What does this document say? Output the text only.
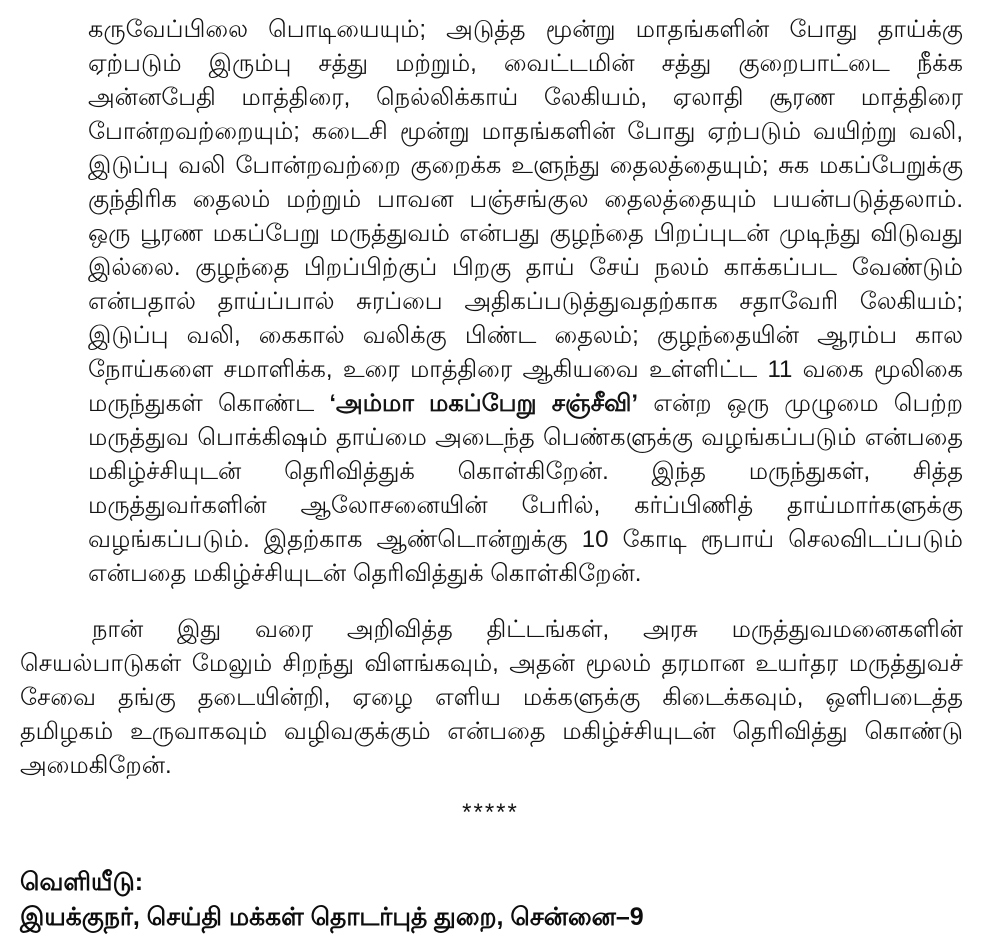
கருவேப்பிலை பொடியையும்; அடுத்த மூன்று மாதங்களின் போது தாய்க்கு
ஏற்படும் இரும்பு சத்து மற்றும், வைட்டமின் சத்து குறைபாட்டை நீக்க
அன்னபேதி மாத்திரை, நெல்லிக்காய் லேகியம், ஏலாதி சூரண மாத்திரை
போன்றவற்றையும்; கடைசி மூன்று மாதங்களின் போது ஏற்படும் வயிற்று வலி,
இடுப்பு வலி போன்றவற்றை குறைக்க உளுந்து தைலத்தையும்; சுக மகப்பேறுக்கு
குந்திரிக தைலம் மற்றும் பாவன பஞ்சங்குல தைலத்தையும் பயன்படுத்தலாம்.
ஒரு பூரண மகப்பேறு மருத்துவம் என்பது குழந்தை பிறப்புடன் முடிந்து விடுவது
இல்லை. குழந்தை பிறப்பிற்குப் பிறகு தாய் சேய் நலம் காக்கப்பட வேண்டும்
என்பதால் தாய்ப்பால் சுரப்பை அதிகப்படுத்துவதற்காக சதாவேரி லேகியம்;
இடுப்பு வலி, கைகால் வலிக்கு பிண்ட தைலம்; குழந்தையின் ஆரம்ப கால
நோய்களை சமாளிக்க, உரை மாத்திரை ஆகியவை உள்ளிட்ட 11 வகை மூலிகை
மருந்துகள் கொண்ட ‘அம்மா மகப்பேறு சஞ்சீவி’ என்ற ஒரு முழுமை பெற்ற
மருத்துவ பொக்கிஷம் தாய்மை அடைந்த பெண்களுக்கு வழங்கப்படும் என்பதை
மகிழ்ச்சியுடன் தெரிவித்துக் கொள்கிறேன். இந்த மருந்துகள், சித்த
மருத்துவர்களின் ஆலோசனையின் பேரில், கர்ப்பிணித் தாய்மார்களுக்கு
வழங்கப்படும். இதற்காக ஆண்டொன்றுக்கு 10 கோடி ரூபாய் செலவிடப்படும்
என்பதை மகிழ்ச்சியுடன் தெரிவித்துக் கொள்கிறேன்.
நான் இது வரை அறிவித்த திட்டங்கள், அரசு மருத்துவமனைகளின்
செயல்பாடுகள் மேலும் சிறந்து விளங்கவும், அதன் மூலம் தரமான உயர்தர மருத்துவச்
சேவை தங்கு தடையின்றி, ஏழை எளிய மக்களுக்கு கிடைக்கவும், ஒளிபடைத்த
தமிழகம் உருவாகவும் வழிவகுக்கும் என்பதை மகிழ்ச்சியுடன் தெரிவித்து கொண்டு
அமைகிறேன்.
*****
வெளியீடு:
இயக்குநர், செய்தி மக்கள் தொடர்புத் துறை, சென்னை–9
